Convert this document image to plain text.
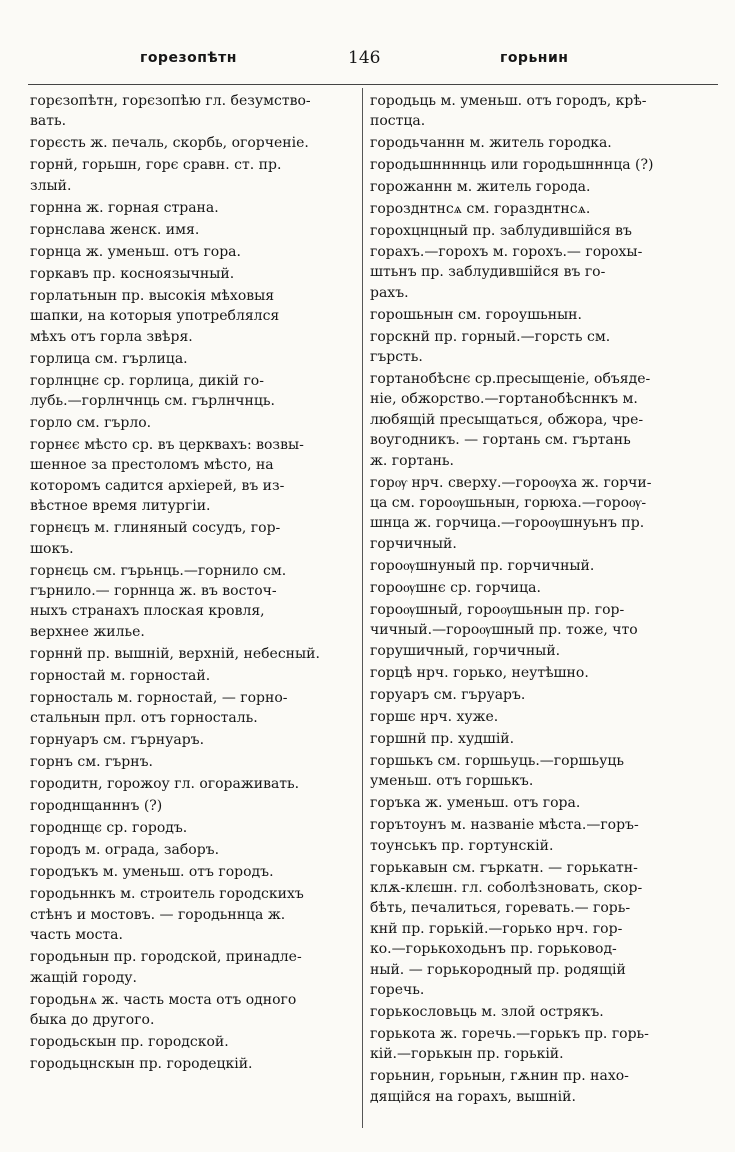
горезопѣтн	146	горьнин
горєзопѣтн, горєзопѣю гл. безумство-
вать.
горєсть ж. печаль, скорбь, огорченіе.
горнй, горьшн, горє сравн. ст. пр.
злый.
горнна ж. горная страна.
горнслава женск. имя.
горнца ж. уменьш. отъ гора.
горкавъ пр. косноязычный.
горлатьнын пр. высокія мѣховыя
шапки, на которыя употреблялся
мѣхъ отъ горла звѣря.
горлица см. гърлица.
горлнцнє ср. горлица, дикій го-
лубь.—горлнчнць см. гърлнчнць.
горло см. гърло.
горнєє мѣсто ср. въ церквахъ: возвы-
шенное за престоломъ мѣсто, на
которомъ садится архіерей, въ из-
вѣстное время литургіи.
горнєцъ м. глиняный сосудъ, гор-
шокъ.
горнєць см. гърьнць.—горнило см.
гърнило.— горннца ж. въ восточ-
ныхъ странахъ плоская кровля,
верхнее жилье.
горннй пр. вышній, верхній, небесный.
горностай м. горностай.
горносталь м. горностай, — горно-
стальнын прл. отъ горносталь.
горнуаръ см. гърнуаръ.
горнъ см. гърнъ.
городитн, горожоу гл. огораживать.
городнщанннъ (?)
городнщє ср. городъ.
городъ м. ограда, заборъ.
городъкъ м. уменьш. отъ городъ.
городьннкъ м. строитель городскихъ
стѣнъ и мостовъ. — городьннца ж.
часть моста.
городьнын пр. городской, принадле-
жащій городу.
городьнѧ ж. часть моста отъ одного
быка до другого.
городьскын пр. городской.
городьцнскын пр. городецкій.
городьць м. уменьш. отъ городъ, крѣ-
постца.
городьчаннн м. житель городка.
городьшннннць или городьшнннца (?)
горожаннн м. житель города.
горозднтнсѧ см. горазднтнсѧ.
горохцнцный пр. заблудившійся въ
горахъ.—горохъ м. горохъ.— горохы-
штьнъ пр. заблудившійся въ го-
рахъ.
горошьнын см. гороушьнын.
горскнй пр. горный.—горсть см.
гърсть.
гортанобѣснє ср.пресыщеніе, объяде-
ніе, обжорство.—гортанобѣсннкъ м.
любящій пресыщаться, обжора, чре-
воугодникъ. — гортань см. гъртань
ж. гортань.
горѹ нрч. сверху.—гороѹха ж. горчи-
ца см. гороѹшьнын, горюха.—гороѹ-
шнца ж. горчица.—гороѹшнуьнъ пр.
горчичный.
гороѹшнуный пр. горчичный.
гороѹшнє ср. горчица.
гороѹшный, гороѹшьнын пр. гор-
чичный.—гороѹшный пр. тоже, что
горушичный, горчичный.
горцѣ нрч. горько, неутѣшно.
горуаръ см. гъруаръ.
горшє нрч. хуже.
горшнй пр. худшій.
горшькъ см. горшьуць.—горшьуць
уменьш. отъ горшькъ.
горъка ж. уменьш. отъ гора.
горътоунъ м. названіе мѣста.—горъ-
тоунськъ пр. гортунскій.
горькавын см. гъркатн. — горькатн-
клѫ-клєшн. гл. соболѣзновать, скор-
бѣть, печалиться, горевать.— горь-
кнй пр. горькій.—горько нрч. гор-
ко.—горькоходьнъ пр. горьковод-
ный. — горькородный пр. родящій
горечь.
горькословьць м. злой острякъ.
горькота ж. горечь.—горькъ пр. горь-
кій.—горькын пр. горькій.
горьнин, горьнын, гѫнин пр. нахо-
дящійся на горахъ, вышній.
